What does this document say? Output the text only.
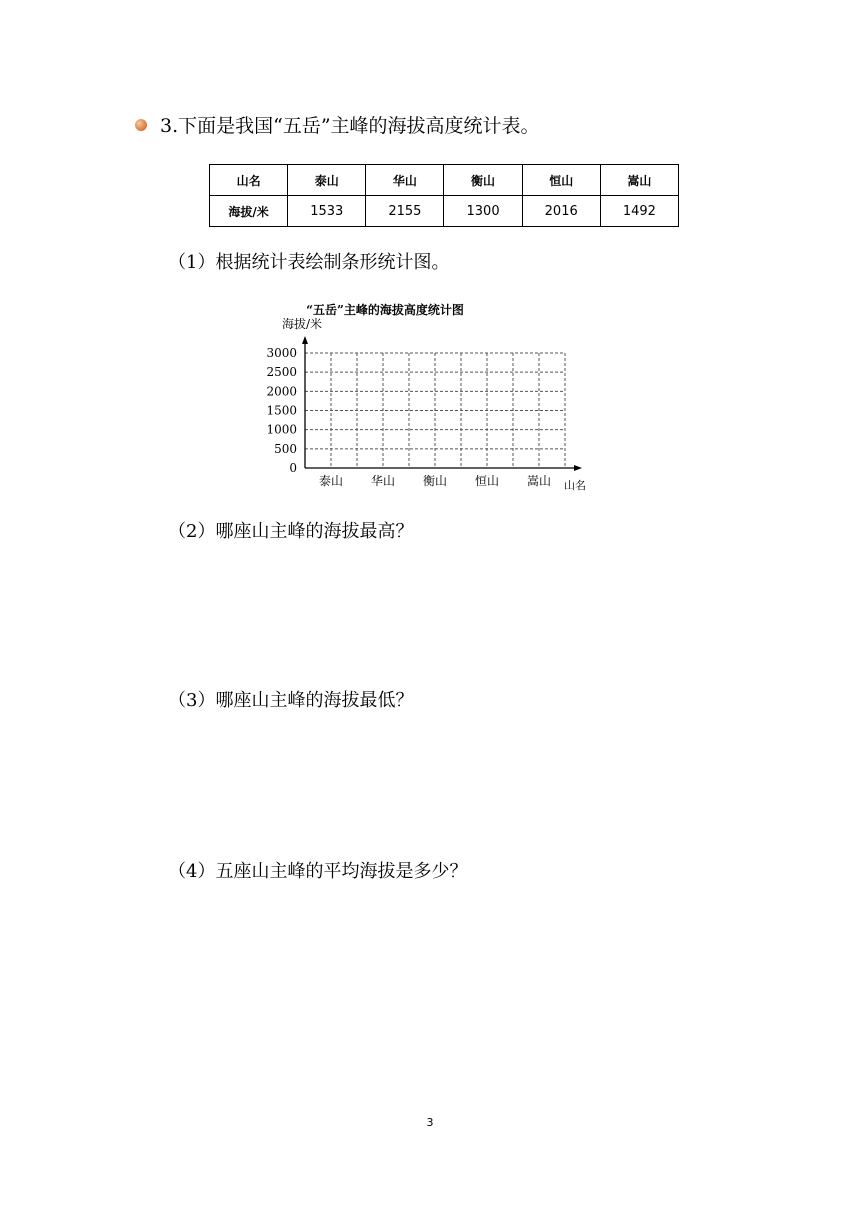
3.下面是我国“五岳”主峰的海拔高度统计表。
山名	泰山	华山	衡山	恒山	嵩山
海拔/米	1533	2155	1300	2016	1492
（1）根据统计表绘制条形统计图。
“五岳”主峰的海拔高度统计图
海拔/米
山名
0
500
1000
1500
2000
2500
3000
泰山 华山 衡山 恒山 嵩山
（2）哪座山主峰的海拔最高？
（3）哪座山主峰的海拔最低？
（4）五座山主峰的平均海拔是多少？
3
